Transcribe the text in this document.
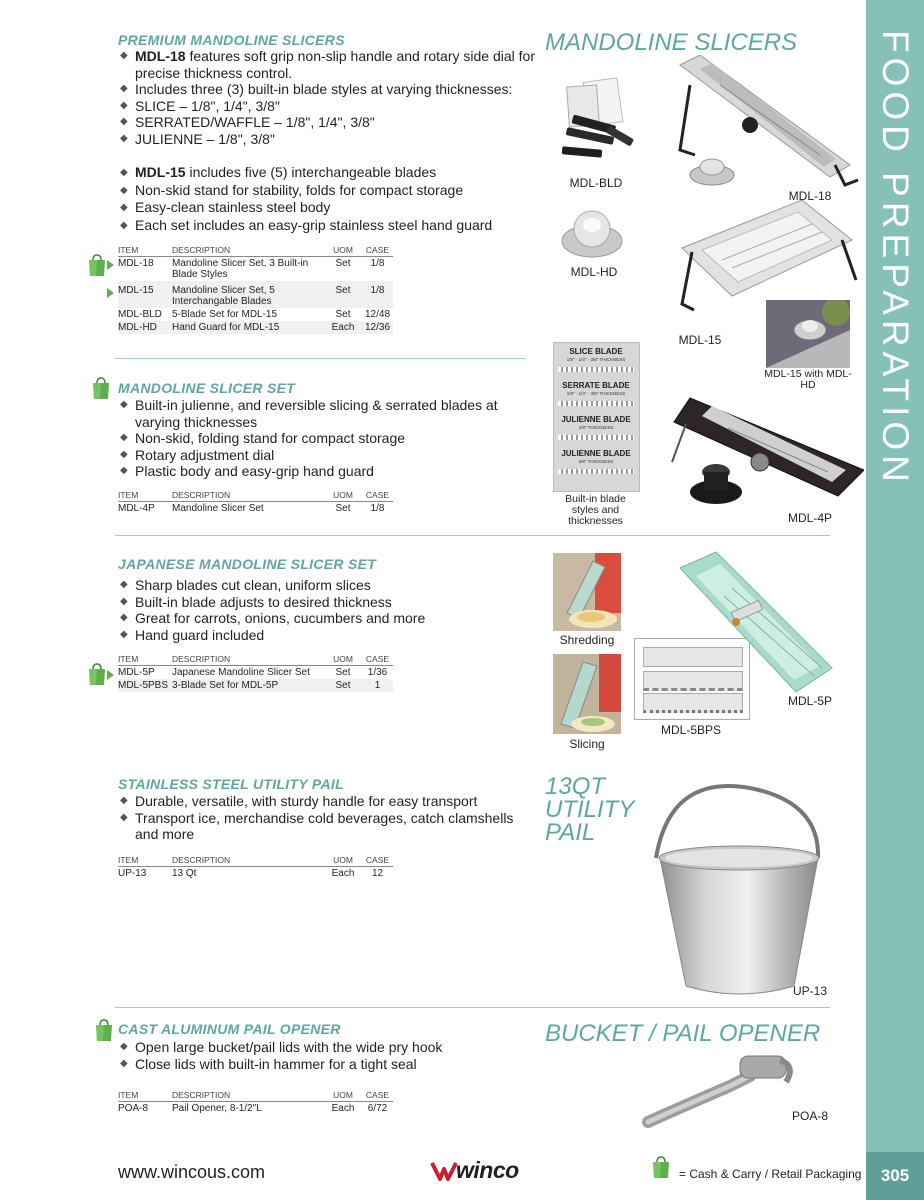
FOOD PREPARATION
305
PREMIUM MANDOLINE SLICERS
◆ MDL-18 features soft grip non-slip handle and rotary side dial for precise thickness control.
◆ Includes three (3) built-in blade styles at varying thicknesses:
◆ SLICE – 1/8", 1/4", 3/8"
◆ SERRATED/WAFFLE – 1/8", 1/4", 3/8"
◆ JULIENNE – 1/8", 3/8"
◆ MDL-15 includes five (5) interchangeable blades
◆ Non-skid stand for stability, folds for compact storage
◆ Easy-clean stainless steel body
◆ Each set includes an easy-grip stainless steel hand guard
ITEM	DESCRIPTION	UOM	CASE
MDL-18	Mandoline Slicer Set, 3 Built-in Blade Styles	Set	1/8
MDL-15	Mandoline Slicer Set, 5 Interchangable Blades	Set	1/8
MDL-BLD	5-Blade Set for MDL-15	Set	12/48
MDL-HD	Hand Guard for MDL-15	Each	12/36
MANDOLINE SLICERS
MDL-BLD
MDL-18
MDL-HD
MDL-15
MDL-15 with MDL-HD
MANDOLINE SLICER SET
◆ Built-in julienne, and reversible slicing & serrated blades at varying thicknesses
◆ Non-skid, folding stand for compact storage
◆ Rotary adjustment dial
◆ Plastic body and easy-grip hand guard
ITEM	DESCRIPTION	UOM	CASE
MDL-4P	Mandoline Slicer Set	Set	1/8
SLICE BLADE
1/8" · 1/4" · 3/8" THICKNESS
SERRATE BLADE
1/8" · 1/4" · 3/8" THICKNESS
JULIENNE BLADE
1/8" THICKNESS
JULIENNE BLADE
3/8" THICKNESS
Built-in blade styles and thicknesses	MDL-4P
JAPANESE MANDOLINE SLICER SET
◆ Sharp blades cut clean, uniform slices
◆ Built-in blade adjusts to desired thickness
◆ Great for carrots, onions, cucumbers and more
◆ Hand guard included
ITEM	DESCRIPTION	UOM	CASE
MDL-5P	Japanese Mandoline Slicer Set	Set	1/36
MDL-5PBS	3-Blade Set for MDL-5P	Set	1
Shredding
Slicing
MDL-5BPS
MDL-5P
STAINLESS STEEL UTILITY PAIL
◆ Durable, versatile, with sturdy handle for easy transport
◆ Transport ice, merchandise cold beverages, catch clamshells and more
ITEM	DESCRIPTION	UOM	CASE
UP-13	13 Qt	Each	12
13QT
UTILITY
PAIL
UP-13
CAST ALUMINUM PAIL OPENER
◆ Open large bucket/pail lids with the wide pry hook
◆ Close lids with built-in hammer for a tight seal
ITEM	DESCRIPTION	UOM	CASE
POA-8	Pail Opener, 8-1/2"L	Each	6/72
BUCKET / PAIL OPENER
POA-8
www.wincous.com	winco	= Cash & Carry / Retail Packaging
